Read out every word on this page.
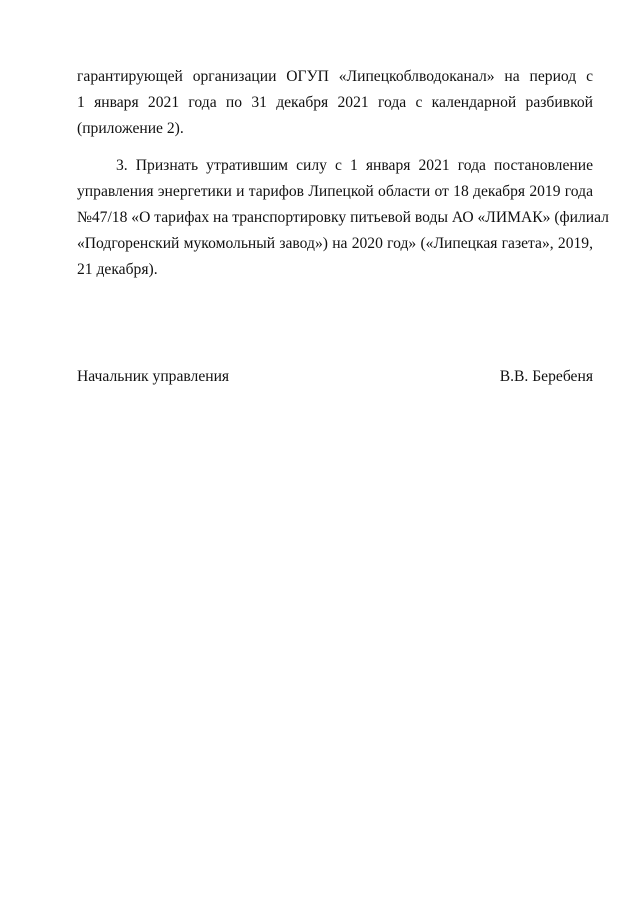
гарантирующей организации ОГУП «Липецкоблводоканал» на период с
1 января 2021 года по 31 декабря 2021 года с календарной разбивкой
(приложение 2).

3. Признать утратившим силу с 1 января 2021 года постановление
управления энергетики и тарифов Липецкой области от 18 декабря 2019 года
№47/18 «О тарифах на транспортировку питьевой воды АО «ЛИМАК» (филиал
«Подгоренский мукомольный завод») на 2020 год» («Липецкая газета», 2019,
21 декабря).

Начальник управления	В.В. Беребеня
